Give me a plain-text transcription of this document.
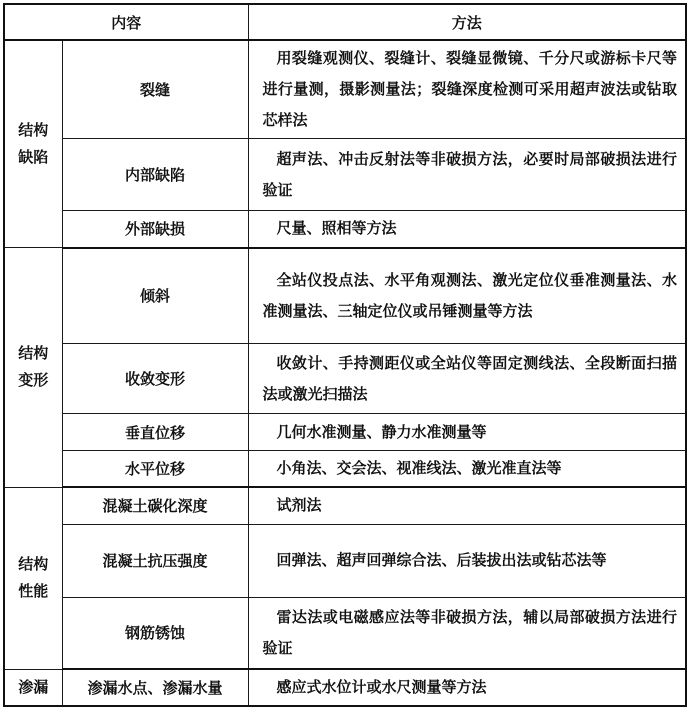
内容		方法
结构
缺陷	裂缝	用裂缝观测仪、裂缝计、裂缝显微镜、千分尺或游标卡尺等进行量测，摄影测量法；裂缝深度检测可采用超声波法或钻取芯样法
	内部缺陷	超声法、冲击反射法等非破损方法，必要时局部破损法进行验证
	外部缺损	尺量、照相等方法
结构
变形	倾斜	全站仪投点法、水平角观测法、激光定位仪垂准测量法、水准测量法、三轴定位仪或吊锤测量等方法
	收敛变形	收敛计、手持测距仪或全站仪等固定测线法、全段断面扫描法或激光扫描法
	垂直位移	几何水准测量、静力水准测量等
	水平位移	小角法、交会法、视准线法、激光准直法等
结构
性能	混凝土碳化深度	试剂法
	混凝土抗压强度	回弹法、超声回弹综合法、后装拔出法或钻芯法等
	钢筋锈蚀	雷达法或电磁感应法等非破损方法，辅以局部破损方法进行验证
渗漏	渗漏水点、渗漏水量	感应式水位计或水尺测量等方法
